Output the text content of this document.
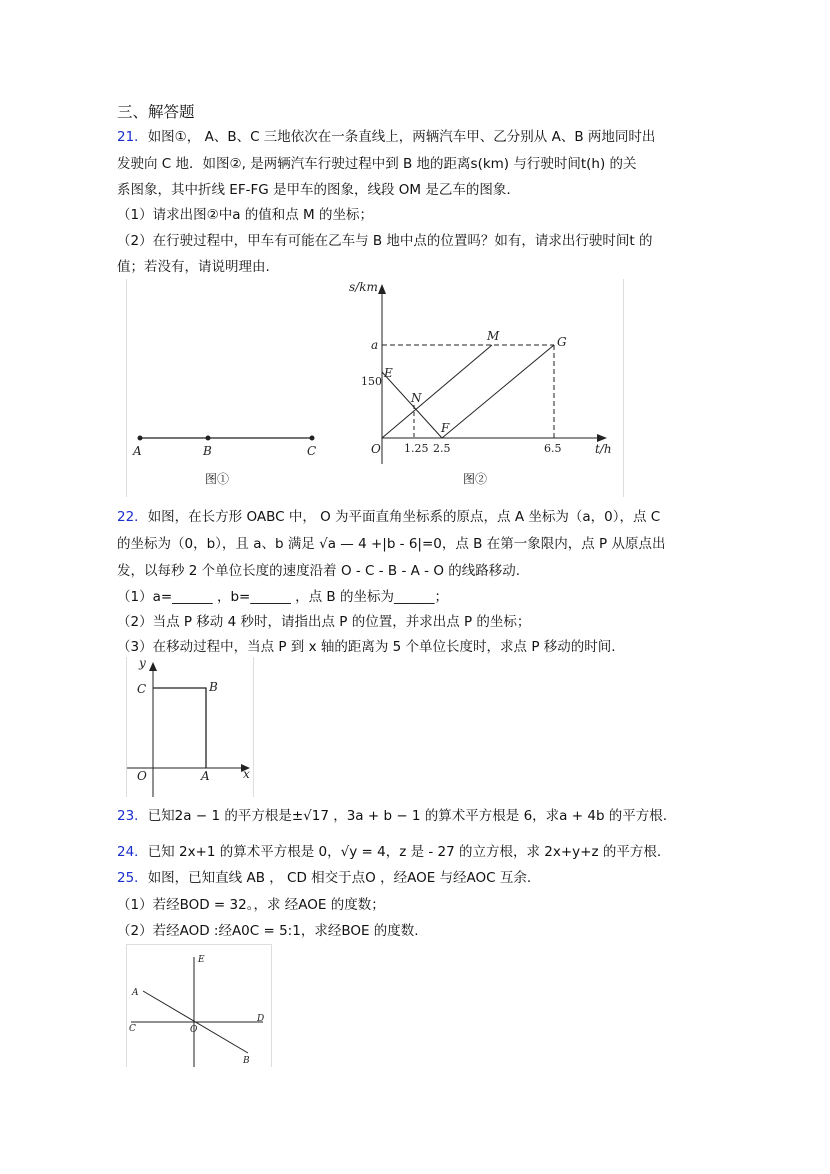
三、解答题
21．如图①， A、B、C 三地依次在一条直线上，两辆汽车甲、乙分别从 A、B 两地同时出
发驶向 C 地．如图②, 是两辆汽车行驶过程中到 B 地的距离s(km) 与行驶时间t(h) 的关
系图象，其中折线 EF-FG 是甲车的图象，线段 OM 是乙车的图象.
（1）请求出图②中a 的值和点 M 的坐标；
（2）在行驶过程中，甲车有可能在乙车与 B 地中点的位置吗？如有，请求出行驶时间t 的
值；若没有，请说明理由.
A	B	C
图①
s/km
t/h
O
a
150
1.25 2.5	6.5
E
N
F
M	G
图②
22．如图，在长方形 OABC 中， O 为平面直角坐标系的原点，点 A 坐标为（a，0），点 C
的坐标为（0，b），且 a、b 满足 √a — 4 +|b - 6|=0，点 B 在第一象限内，点 P 从原点出
发，以每秒 2 个单位长度的速度沿着 O - C - B - A - O 的线路移动.
（1）a=______ ，b=______ ，点 B 的坐标为______；
（2）当点 P 移动 4 秒时，请指出点 P 的位置，并求出点 P 的坐标；
（3）在移动过程中，当点 P 到 x 轴的距离为 5 个单位长度时，求点 P 移动的时间.
y
x
C	B
O	A
23．已知2a − 1 的平方根是±√17 ，3a + b − 1 的算术平方根是 6，求a + 4b 的平方根.
24．已知 2x+1 的算术平方根是 0，√y = 4，z 是 - 27 的立方根，求 2x+y+z 的平方根.
25．如图，已知直线 AB ， CD 相交于点O ，经AOE 与经AOC 互余.
（1）若经BOD = 32。，求 经AOE 的度数；
（2）若经AOD :经A0C = 5:1，求经BOE 的度数.
E
A
C	O
D
B
